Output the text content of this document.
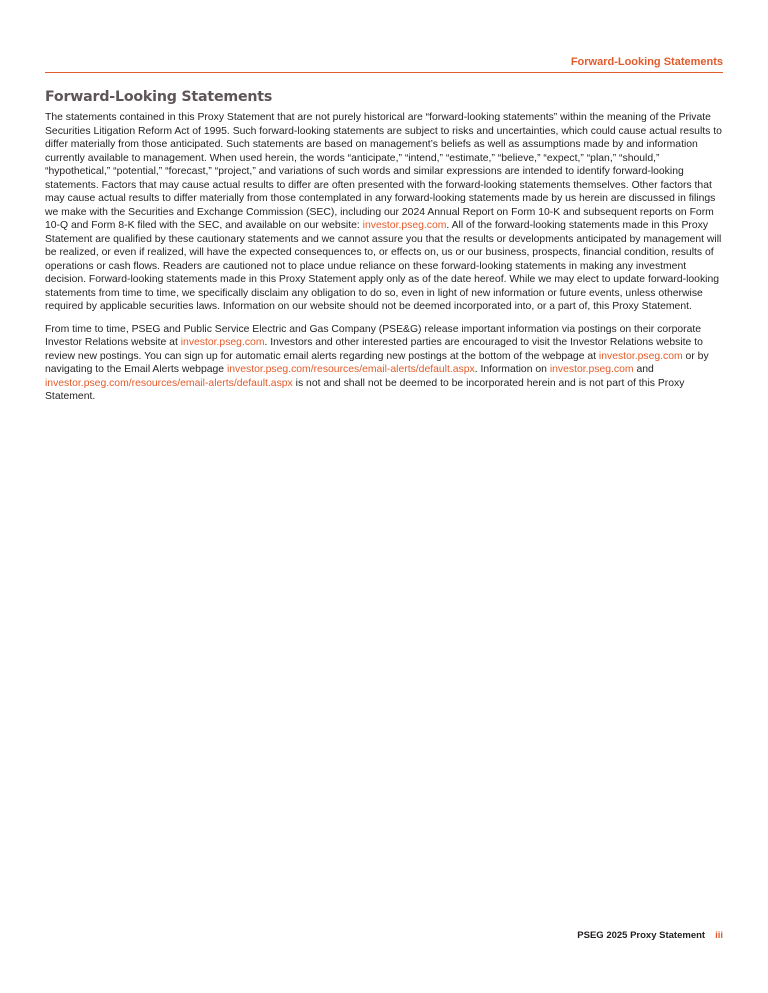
Forward-Looking Statements
Forward-Looking Statements

The statements contained in this Proxy Statement that are not purely historical are “forward-looking statements” within the meaning of the Private Securities Litigation Reform Act of 1995. Such forward-looking statements are subject to risks and uncertainties, which could cause actual results to differ materially from those anticipated. Such statements are based on management’s beliefs as well as assumptions made by and information currently available to management. When used herein, the words “anticipate,” “intend,” “estimate,” “believe,” “expect,” “plan,” “should,” “hypothetical,” “potential,” “forecast,” “project,” and variations of such words and similar expressions are intended to identify forward-looking statements. Factors that may cause actual results to differ are often presented with the forward-looking statements themselves. Other factors that may cause actual results to differ materially from those contemplated in any forward-looking statements made by us herein are discussed in filings we make with the Securities and Exchange Commission (SEC), including our 2024 Annual Report on Form 10-K and subsequent reports on Form 10-Q and Form 8-K filed with the SEC, and available on our website: investor.pseg.com. All of the forward-looking statements made in this Proxy Statement are qualified by these cautionary statements and we cannot assure you that the results or developments anticipated by management will be realized, or even if realized, will have the expected consequences to, or effects on, us or our business, prospects, financial condition, results of operations or cash flows. Readers are cautioned not to place undue reliance on these forward-looking statements in making any investment decision. Forward-looking statements made in this Proxy Statement apply only as of the date hereof. While we may elect to update forward-looking statements from time to time, we specifically disclaim any obligation to do so, even in light of new information or future events, unless otherwise required by applicable securities laws. Information on our website should not be deemed incorporated into, or a part of, this Proxy Statement.

From time to time, PSEG and Public Service Electric and Gas Company (PSE&G) release important information via postings on their corporate Investor Relations website at investor.pseg.com. Investors and other interested parties are encouraged to visit the Investor Relations website to review new postings. You can sign up for automatic email alerts regarding new postings at the bottom of the webpage at investor.pseg.com or by navigating to the Email Alerts webpage investor.pseg.com/resources/email-alerts/default.aspx. Information on investor.pseg.com and investor.pseg.com/resources/email-alerts/default.aspx is not and shall not be deemed to be incorporated herein and is not part of this Proxy Statement.

PSEG 2025 Proxy Statement iii
